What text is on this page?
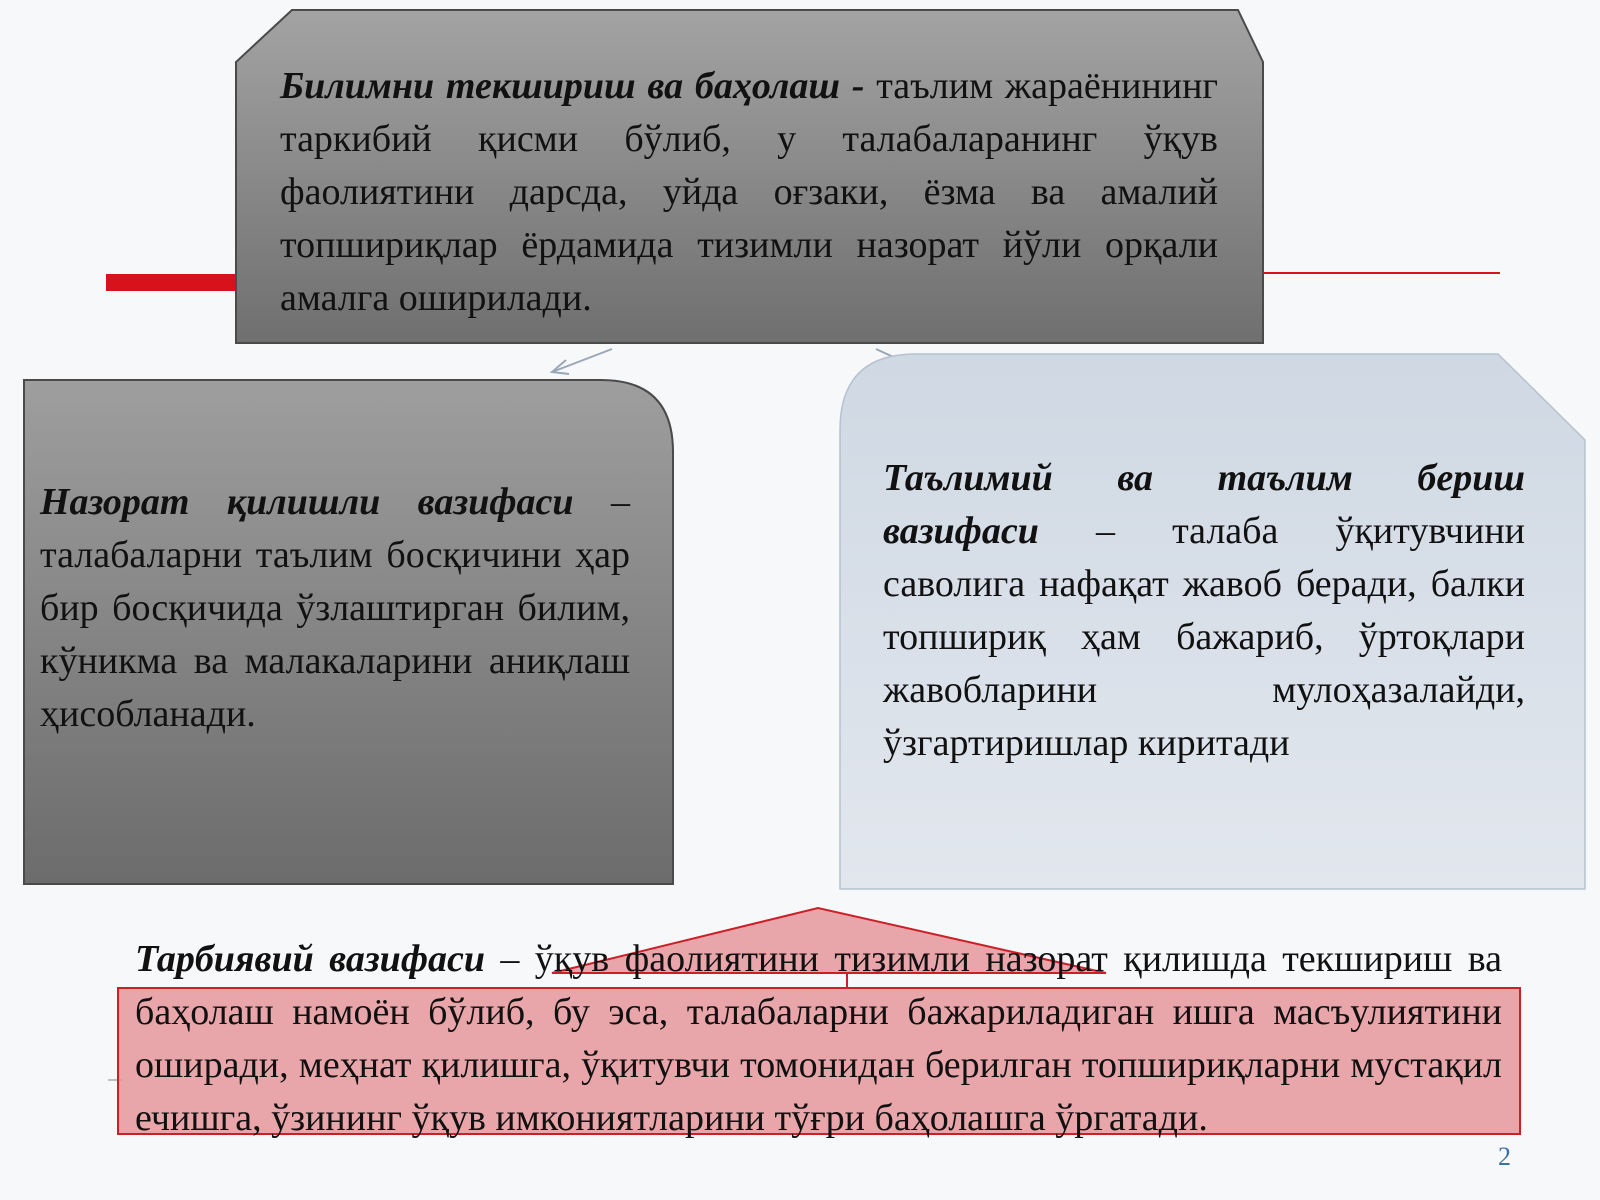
Билимни текшириш ва баҳолаш - таълим жараёнининг таркибий қисми бўлиб, у талабаларанинг ўқув фаолиятини дарсда, уйда оғзаки, ёзма ва амалий топшириқлар ёрдамида тизимли назорат йўли орқали амалга оширилади.

Назорат қилишли вазифаси – талабаларни таълим босқичини ҳар бир босқичида ўзлаштирган билим, кўникма ва малакаларини аниқлаш ҳисобланади.

Таълимий ва таълим бериш вазифаси – талаба ўқитувчини саволига нафақат жавоб беради, балки топшириқ ҳам бажариб, ўртоқлари жавобларини мулоҳазалайди, ўзгартиришлар киритади

Тарбиявий вазифаси – ўқув фаолиятини тизимли назорат қилишда текшириш ва баҳолаш намоён бўлиб, бу эса, талабаларни бажариладиган ишга масъулиятини оширади, меҳнат қилишга, ўқитувчи томонидан берилган топшириқларни мустақил ечишга, ўзининг ўқув имкониятларини тўғри баҳолашга ўргатади.

2
